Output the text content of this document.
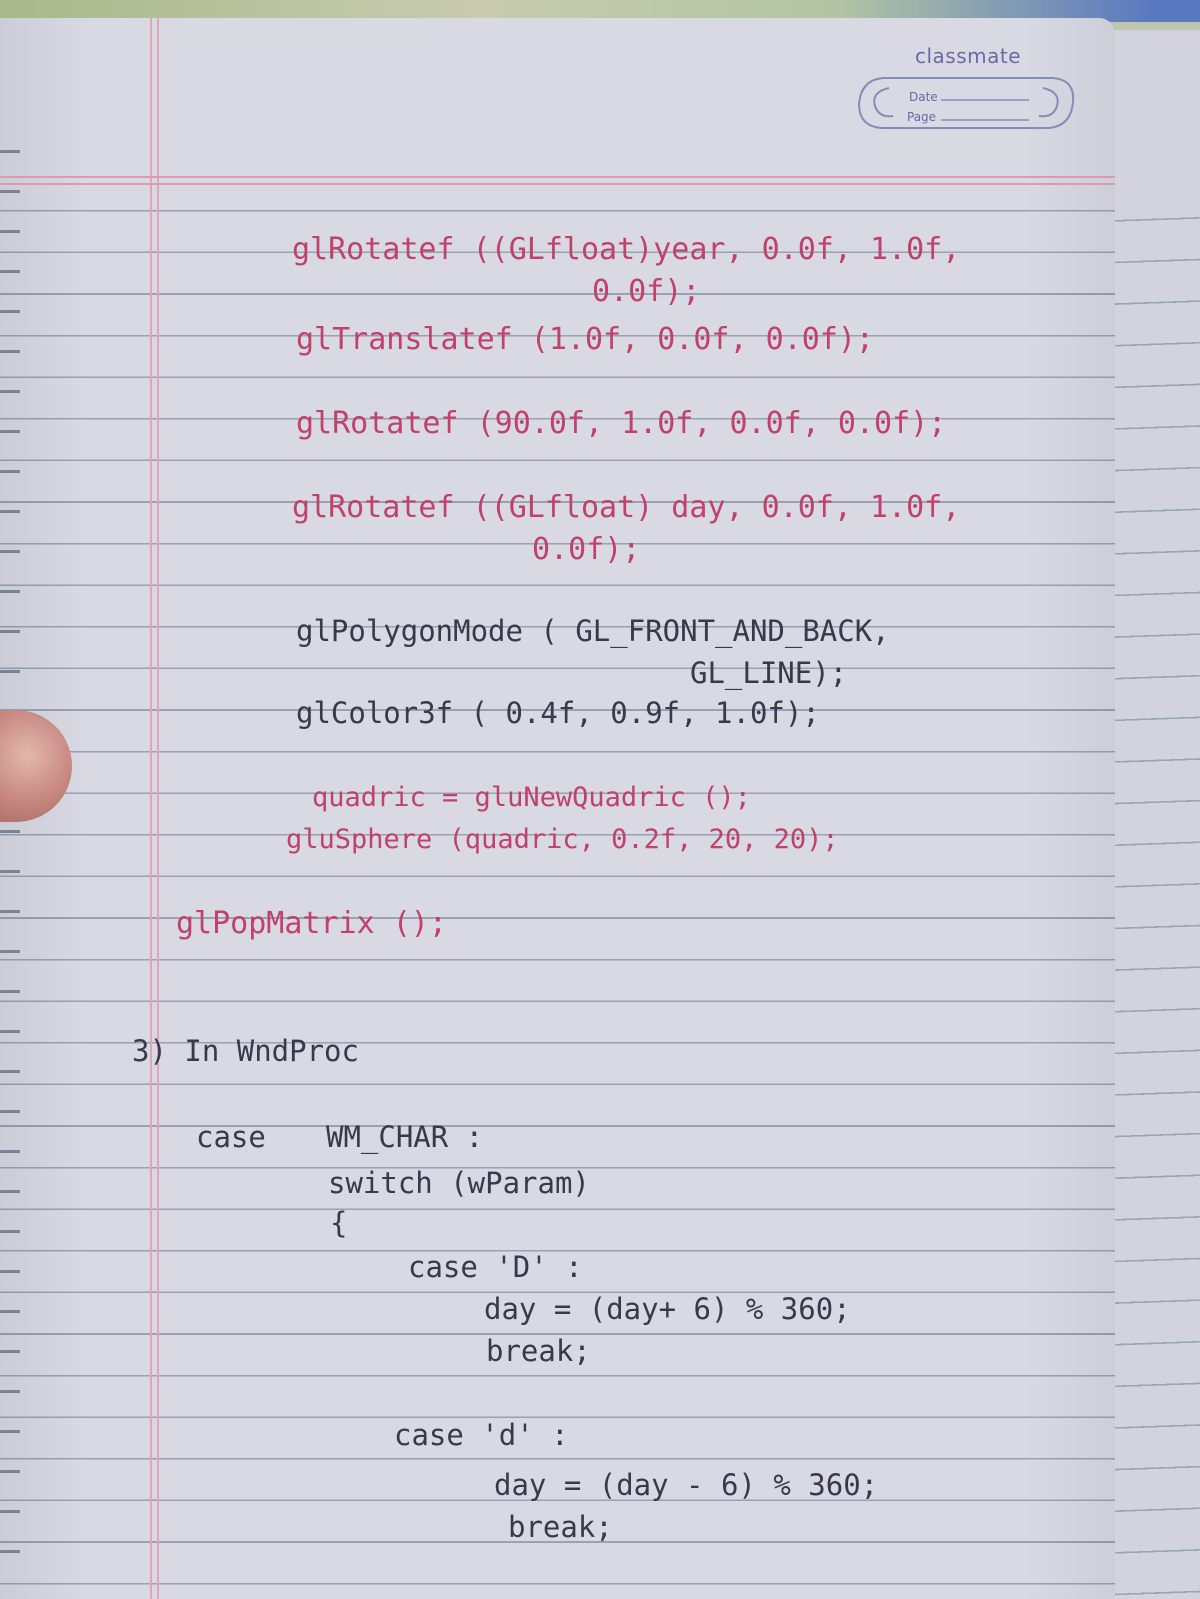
classmate
Date
Page
glRotatef ((GLfloat)year, 0.0f, 1.0f,
0.0f);
glTranslatef (1.0f, 0.0f, 0.0f);
glRotatef (90.0f, 1.0f, 0.0f, 0.0f);
glRotatef ((GLfloat) day, 0.0f, 1.0f,
0.0f);
glPolygonMode ( GL_FRONT_AND_BACK,
GL_LINE);
glColor3f ( 0.4f, 0.9f, 1.0f);
quadric = gluNewQuadric ();
gluSphere (quadric, 0.2f, 20, 20);
glPopMatrix ();
3) In WndProc
case WM_CHAR :
switch (wParam)
{
case 'D' :
day = (day+ 6) % 360;
break;
case 'd' :
day = (day - 6) % 360;
break;
